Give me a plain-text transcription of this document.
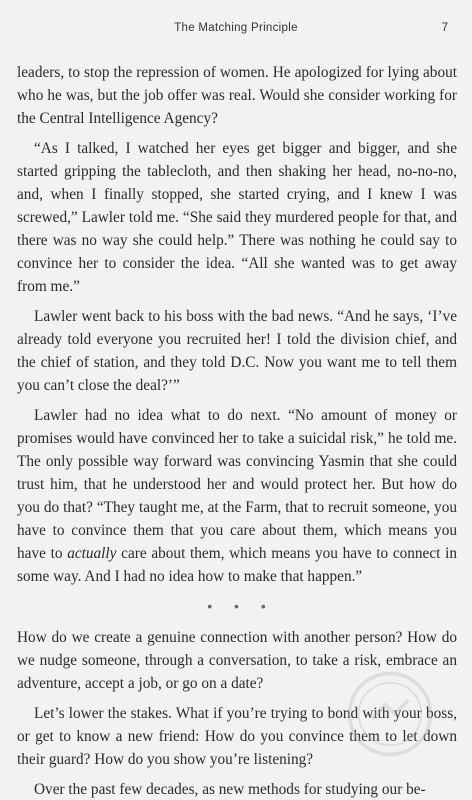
The Matching Principle	7

leaders, to stop the repression of women. He apologized for lying about who he was, but the job offer was real. Would she consider working for the Central Intelligence Agency?

“As I talked, I watched her eyes get bigger and bigger, and she started gripping the tablecloth, and then shaking her head, no-no-no, and, when I finally stopped, she started crying, and I knew I was screwed,” Lawler told me. “She said they murdered people for that, and there was no way she could help.” There was nothing he could say to convince her to consider the idea. “All she wanted was to get away from me.”

Lawler went back to his boss with the bad news. “And he says, ‘I’ve already told everyone you recruited her! I told the division chief, and the chief of station, and they told D.C. Now you want me to tell them you can’t close the deal?’”

Lawler had no idea what to do next. “No amount of money or promises would have convinced her to take a suicidal risk,” he told me. The only possible way forward was convincing Yasmin that she could trust him, that he understood her and would protect her. But how do you do that? “They taught me, at the Farm, that to recruit someone, you have to convince them that you care about them, which means you have to actually care about them, which means you have to connect in some way. And I had no idea how to make that happen.”

• • •

How do we create a genuine connection with another person? How do we nudge someone, through a conversation, to take a risk, embrace an adventure, accept a job, or go on a date?

Let’s lower the stakes. What if you’re trying to bond with your boss, or get to know a new friend: How do you convince them to let down their guard? How do you show you’re listening?

Over the past few decades, as new methods for studying our be-
